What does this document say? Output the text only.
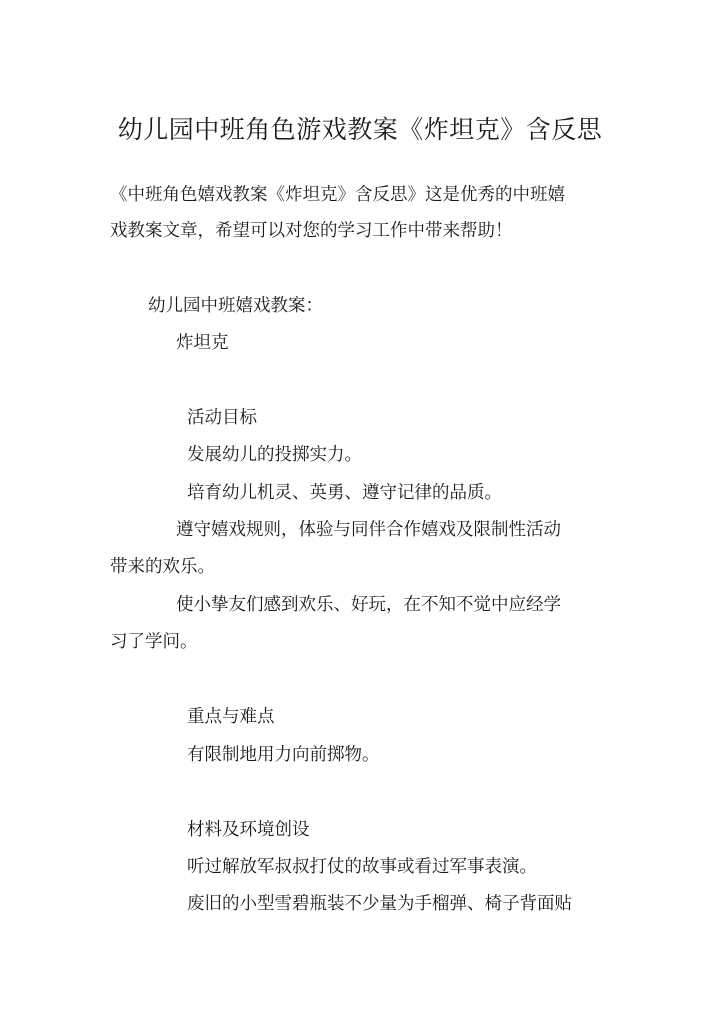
幼儿园中班角色游戏教案《炸坦克》含反思
《中班角色嬉戏教案《炸坦克》含反思》这是优秀的中班嬉
戏教案文章，希望可以对您的学习工作中带来帮助！
幼儿园中班嬉戏教案：
炸坦克
活动目标
发展幼儿的投掷实力。
培育幼儿机灵、英勇、遵守记律的品质。
遵守嬉戏规则，体验与同伴合作嬉戏及限制性活动
带来的欢乐。
使小挚友们感到欢乐、好玩，在不知不觉中应经学
习了学问。
重点与难点
有限制地用力向前掷物。
材料及环境创设
听过解放军叔叔打仗的故事或看过军事表演。
废旧的小型雪碧瓶装不少量为手榴弹、椅子背面贴
